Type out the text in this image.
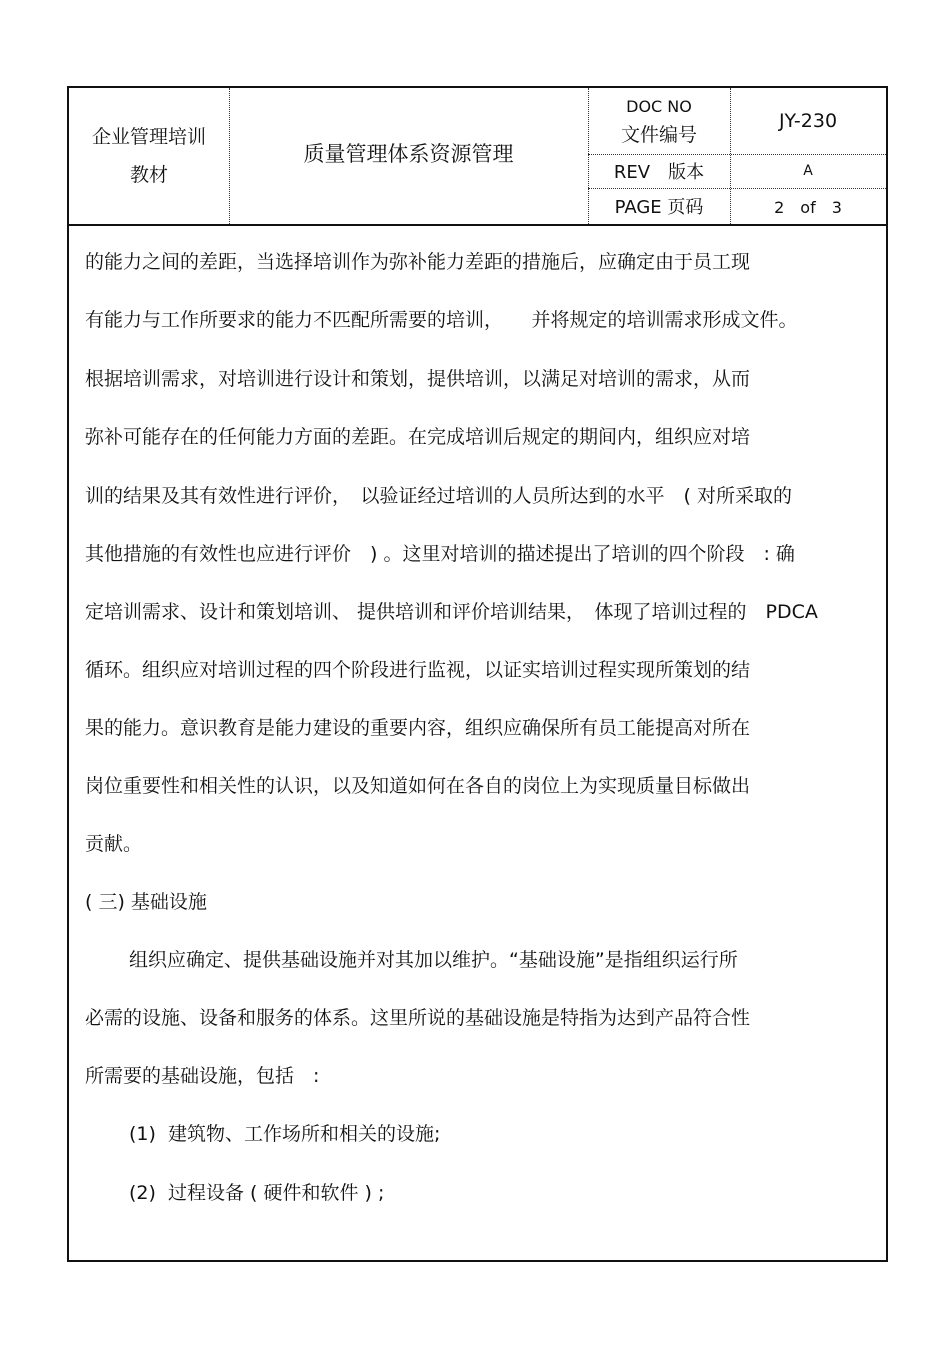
企业管理培训
教材
质量管理体系资源管理
DOC NO
文件编号
JY-230
REV　版本	A
PAGE 页码	2　of　3
的能力之间的差距，当选择培训作为弥补能力差距的措施后，应确定由于员工现
有能力与工作所要求的能力不匹配所需要的培训，　　并将规定的培训需求形成文件。
根据培训需求，对培训进行设计和策划，提供培训，以满足对培训的需求，从而
弥补可能存在的任何能力方面的差距。在完成培训后规定的期间内，组织应对培
训的结果及其有效性进行评价，　以验证经过培训的人员所达到的水平　( 对所采取的
其他措施的有效性也应进行评价　) 。这里对培训的描述提出了培训的四个阶段　: 确
定培训需求、设计和策划培训、 提供培训和评价培训结果，　体现了培训过程的　PDCA
循环。组织应对培训过程的四个阶段进行监视，以证实培训过程实现所策划的结
果的能力。意识教育是能力建设的重要内容，组织应确保所有员工能提高对所在
岗位重要性和相关性的认识，以及知道如何在各自的岗位上为实现质量目标做出
贡献。
( 三) 基础设施
组织应确定、提供基础设施并对其加以维护。“基础设施”是指组织运行所
必需的设施、设备和服务的体系。这里所说的基础设施是特指为达到产品符合性
所需要的基础设施，包括　:
(1)  建筑物、工作场所和相关的设施;
(2)  过程设备 ( 硬件和软件 ) ;
